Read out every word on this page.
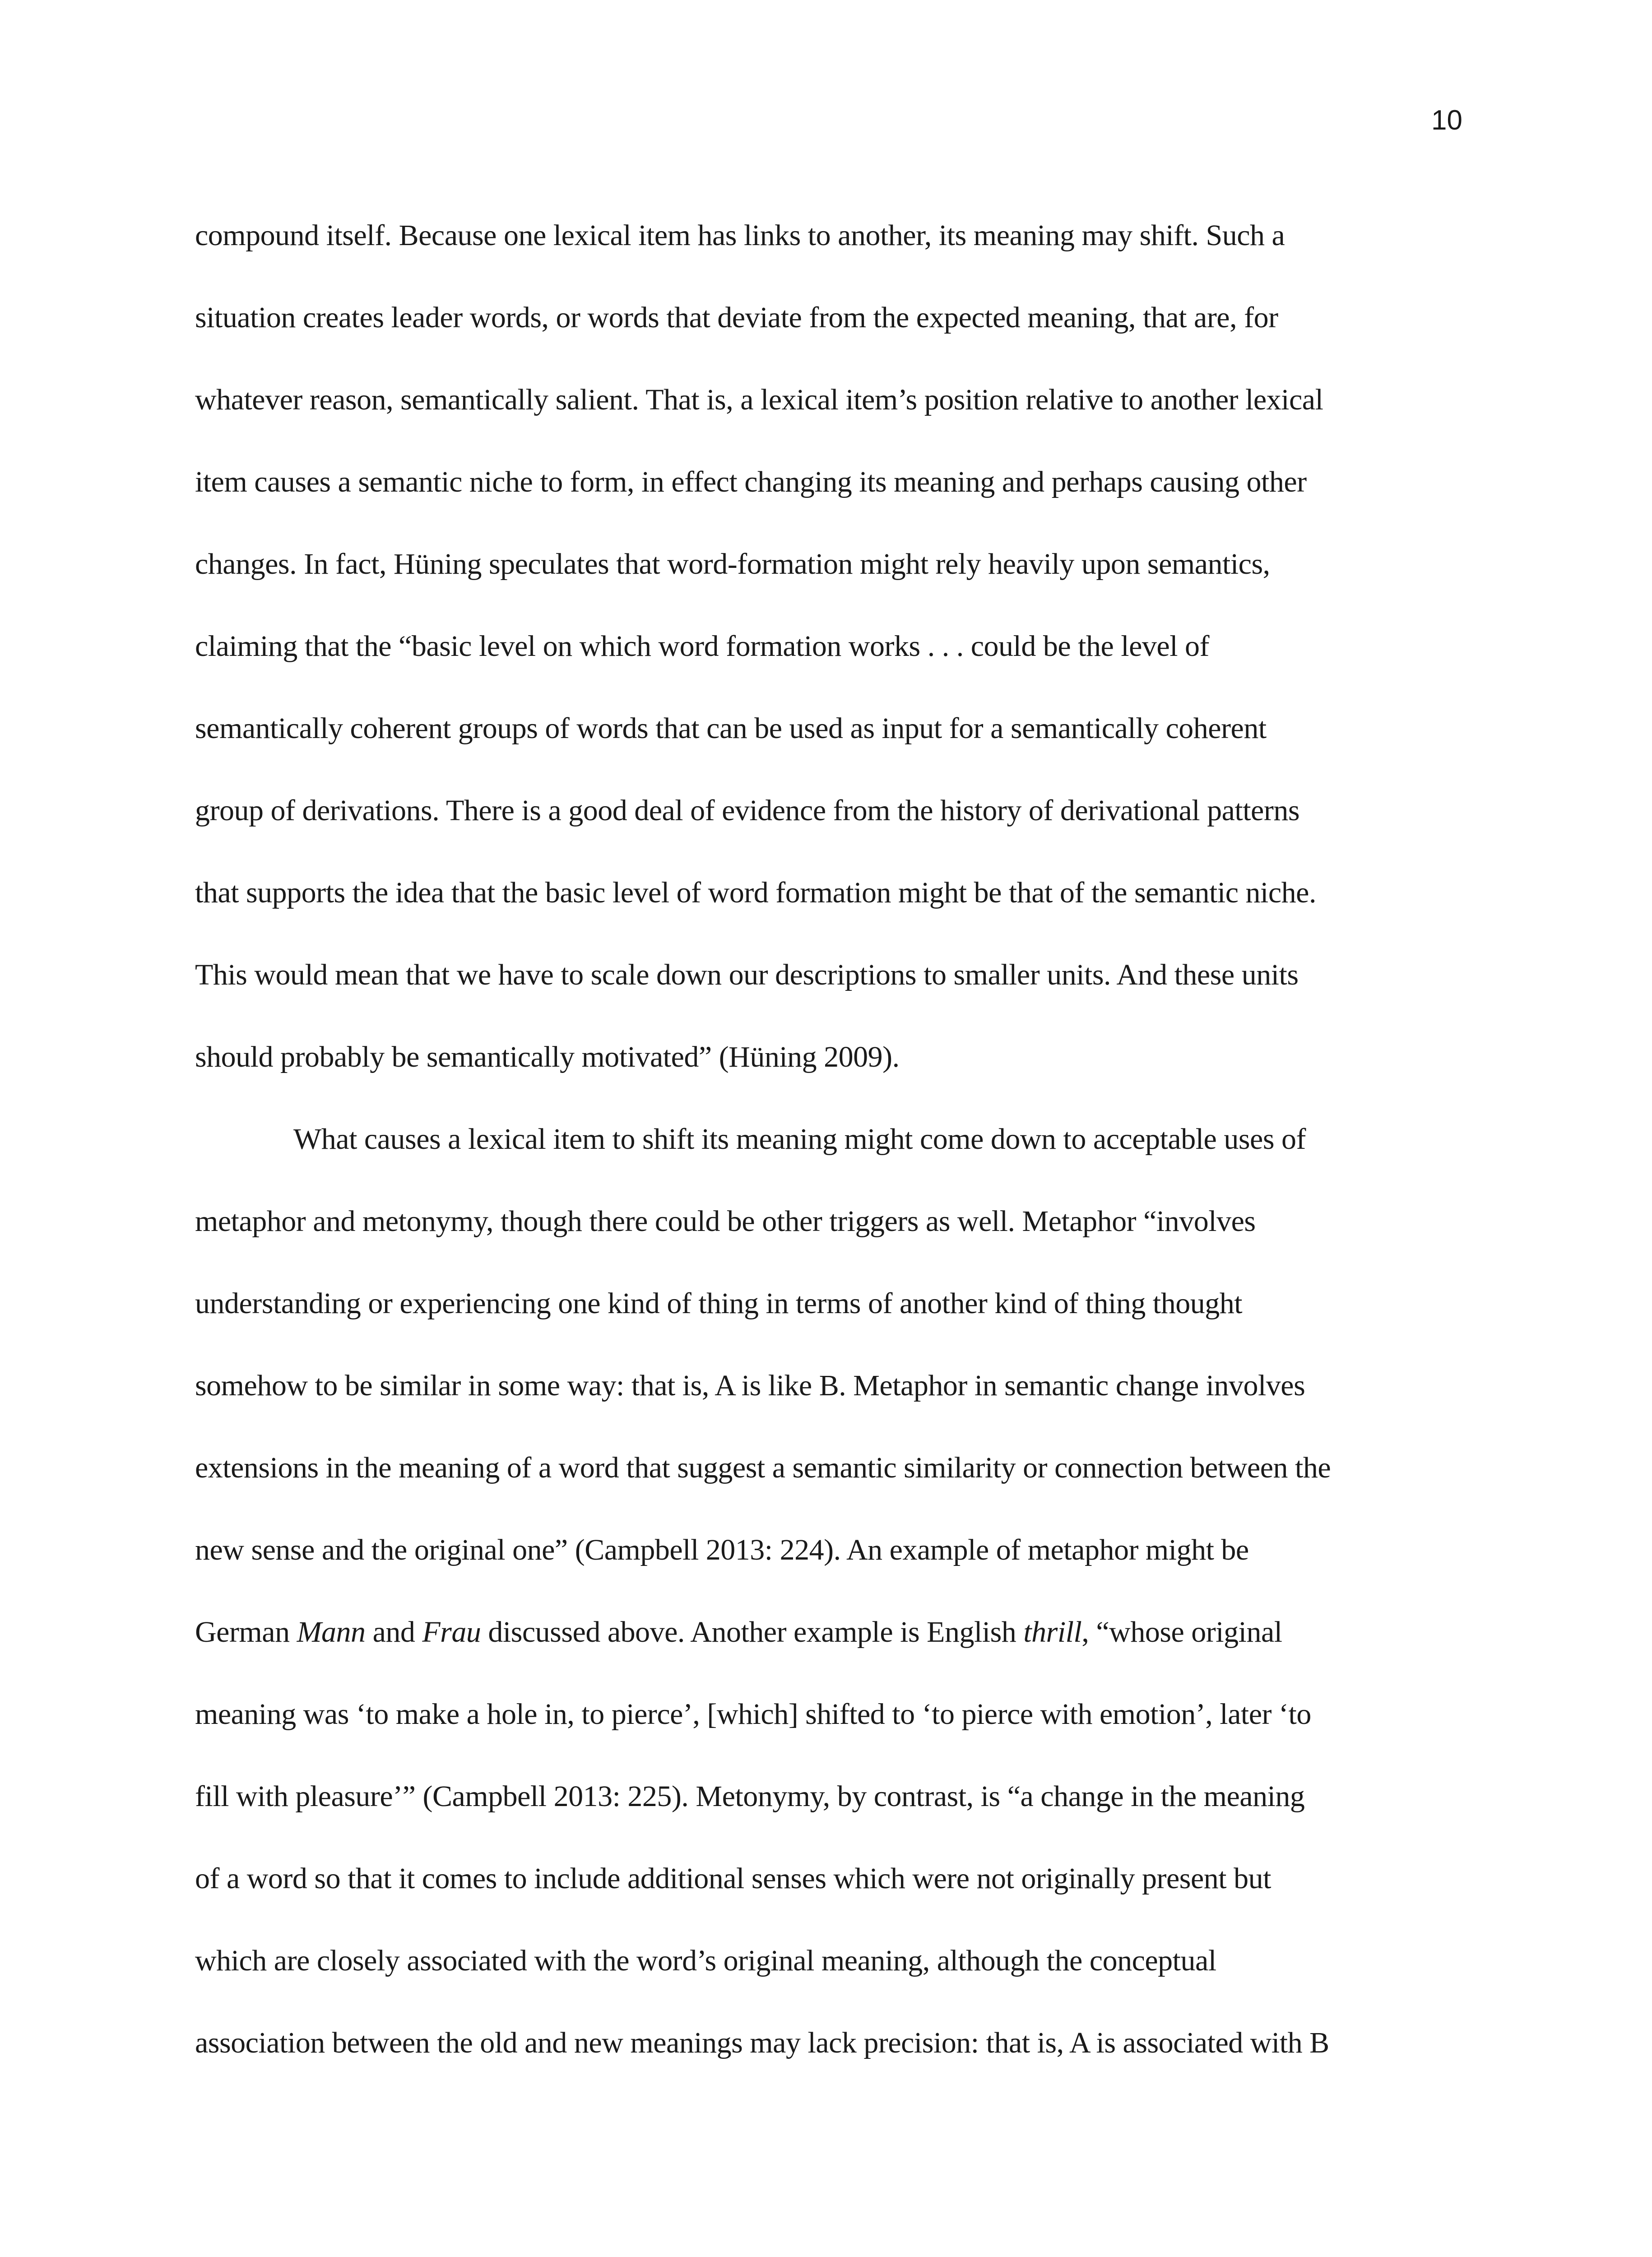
10
compound itself. Because one lexical item has links to another, its meaning may shift. Such a
situation creates leader words, or words that deviate from the expected meaning, that are, for
whatever reason, semantically salient. That is, a lexical item’s position relative to another lexical
item causes a semantic niche to form, in effect changing its meaning and perhaps causing other
changes. In fact, Hüning speculates that word-formation might rely heavily upon semantics,
claiming that the “basic level on which word formation works . . . could be the level of
semantically coherent groups of words that can be used as input for a semantically coherent
group of derivations. There is a good deal of evidence from the history of derivational patterns
that supports the idea that the basic level of word formation might be that of the semantic niche.
This would mean that we have to scale down our descriptions to smaller units. And these units
should probably be semantically motivated” (Hüning 2009).
What causes a lexical item to shift its meaning might come down to acceptable uses of
metaphor and metonymy, though there could be other triggers as well. Metaphor “involves
understanding or experiencing one kind of thing in terms of another kind of thing thought
somehow to be similar in some way: that is, A is like B. Metaphor in semantic change involves
extensions in the meaning of a word that suggest a semantic similarity or connection between the
new sense and the original one” (Campbell 2013: 224). An example of metaphor might be
German Mann and Frau discussed above. Another example is English thrill, “whose original
meaning was ‘to make a hole in, to pierce’, [which] shifted to ‘to pierce with emotion’, later ‘to
fill with pleasure’” (Campbell 2013: 225). Metonymy, by contrast, is “a change in the meaning
of a word so that it comes to include additional senses which were not originally present but
which are closely associated with the word’s original meaning, although the conceptual
association between the old and new meanings may lack precision: that is, A is associated with B
